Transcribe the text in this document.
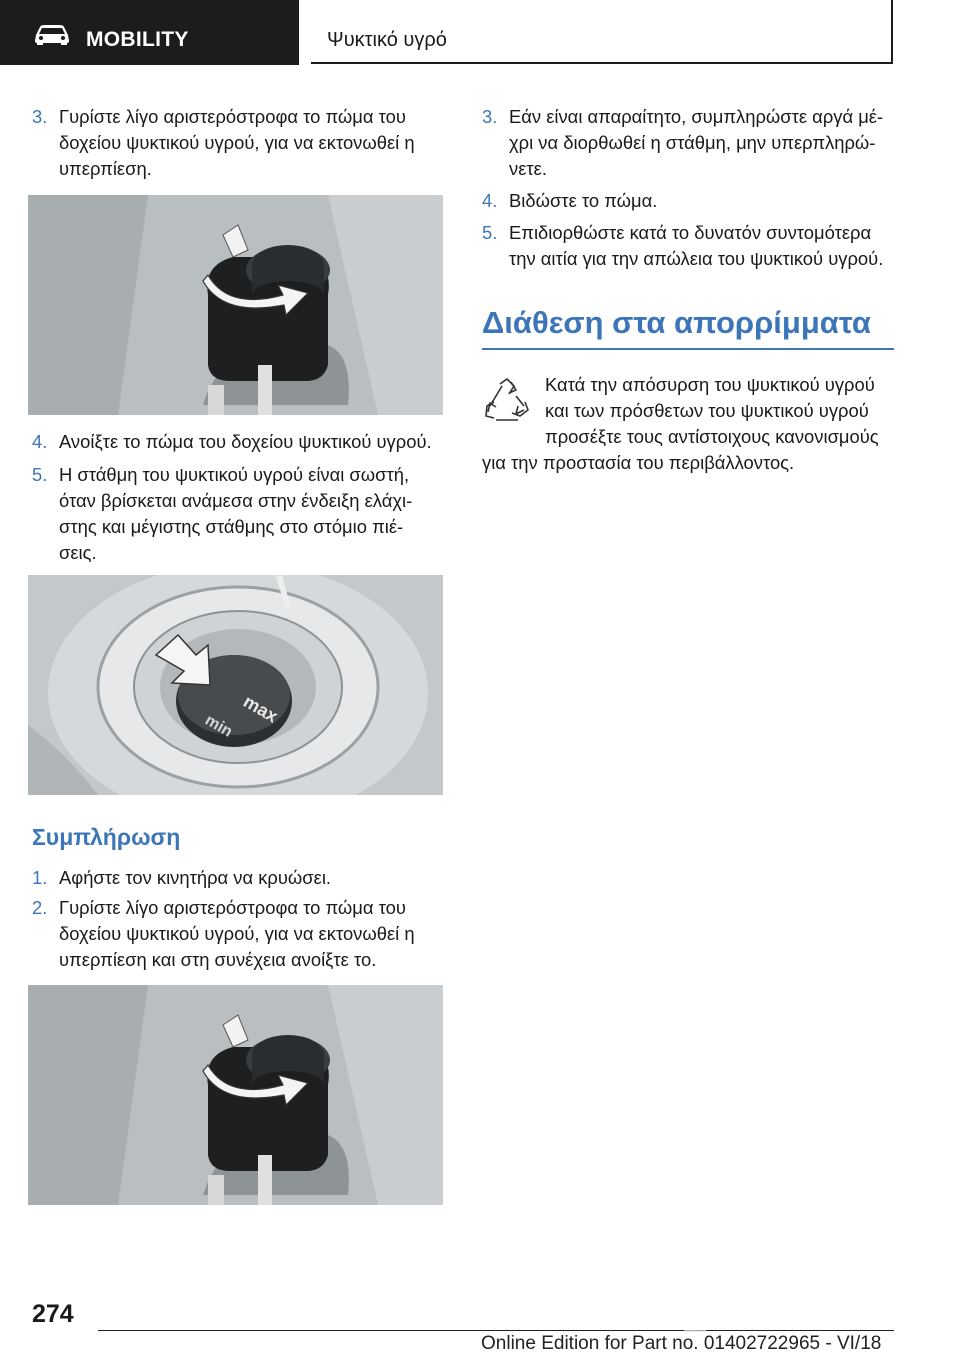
MOBILITY	Ψυκτικό υγρό
3. Γυρίστε λίγο αριστερόστροφα το πώμα του
δοχείου ψυκτικού υγρού, για να εκτονωθεί η
υπερπίεση.
4. Ανοίξτε το πώμα του δοχείου ψυκτικού υγρού.
5. Η στάθμη του ψυκτικού υγρού είναι σωστή,
όταν βρίσκεται ανάμεσα στην ένδειξη ελάχι-
στης και μέγιστης στάθμης στο στόμιο πιέ-
σεις.
max
min
Συμπλήρωση
1. Αφήστε τον κινητήρα να κρυώσει.
2. Γυρίστε λίγο αριστερόστροφα το πώμα του
δοχείου ψυκτικού υγρού, για να εκτονωθεί η
υπερπίεση και στη συνέχεια ανοίξτε το.
3. Εάν είναι απαραίτητο, συμπληρώστε αργά μέ-
χρι να διορθωθεί η στάθμη, μην υπερπληρώ-
νετε.
4. Βιδώστε το πώμα.
5. Επιδιορθώστε κατά το δυνατόν συντομότερα
την αιτία για την απώλεια του ψυκτικού υγρού.
Διάθεση στα απορρίμματα
Κατά την απόσυρση του ψυκτικού υγρού
και των πρόσθετων του ψυκτικού υγρού
προσέξτε τους αντίστοιχους κανονισμούς
για την προστασία του περιβάλλοντος.
274
Online Edition for Part no. 01402722965 - VI/18
Online Edition for Part no. 01402722965 - VI/18
